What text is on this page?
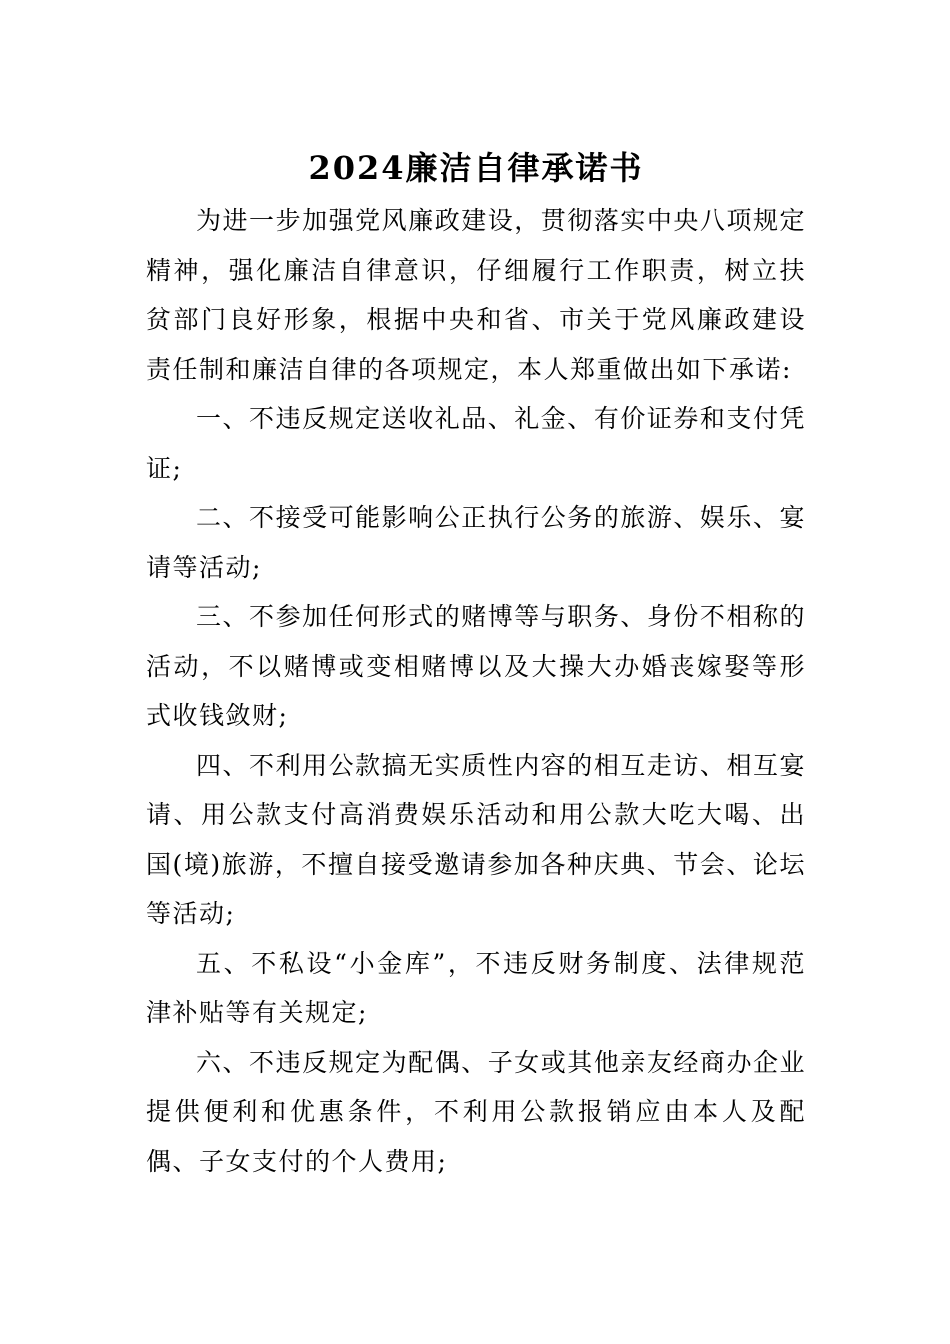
2024廉洁自律承诺书

为进一步加强党风廉政建设，贯彻落实中央八项规定精神，强化廉洁自律意识，仔细履行工作职责，树立扶贫部门良好形象，根据中央和省、市关于党风廉政建设责任制和廉洁自律的各项规定，本人郑重做出如下承诺:

一、不违反规定送收礼品、礼金、有价证券和支付凭证;

二、不接受可能影响公正执行公务的旅游、娱乐、宴请等活动;

三、不参加任何形式的赌博等与职务、身份不相称的活动，不以赌博或变相赌博以及大操大办婚丧嫁娶等形式收钱敛财;

四、不利用公款搞无实质性内容的相互走访、相互宴请、用公款支付高消费娱乐活动和用公款大吃大喝、出国(境)旅游，不擅自接受邀请参加各种庆典、节会、论坛等活动;

五、不私设“小金库”，不违反财务制度、法律规范津补贴等有关规定;

六、不违反规定为配偶、子女或其他亲友经商办企业提供便利和优惠条件，不利用公款报销应由本人及配偶、子女支付的个人费用;
